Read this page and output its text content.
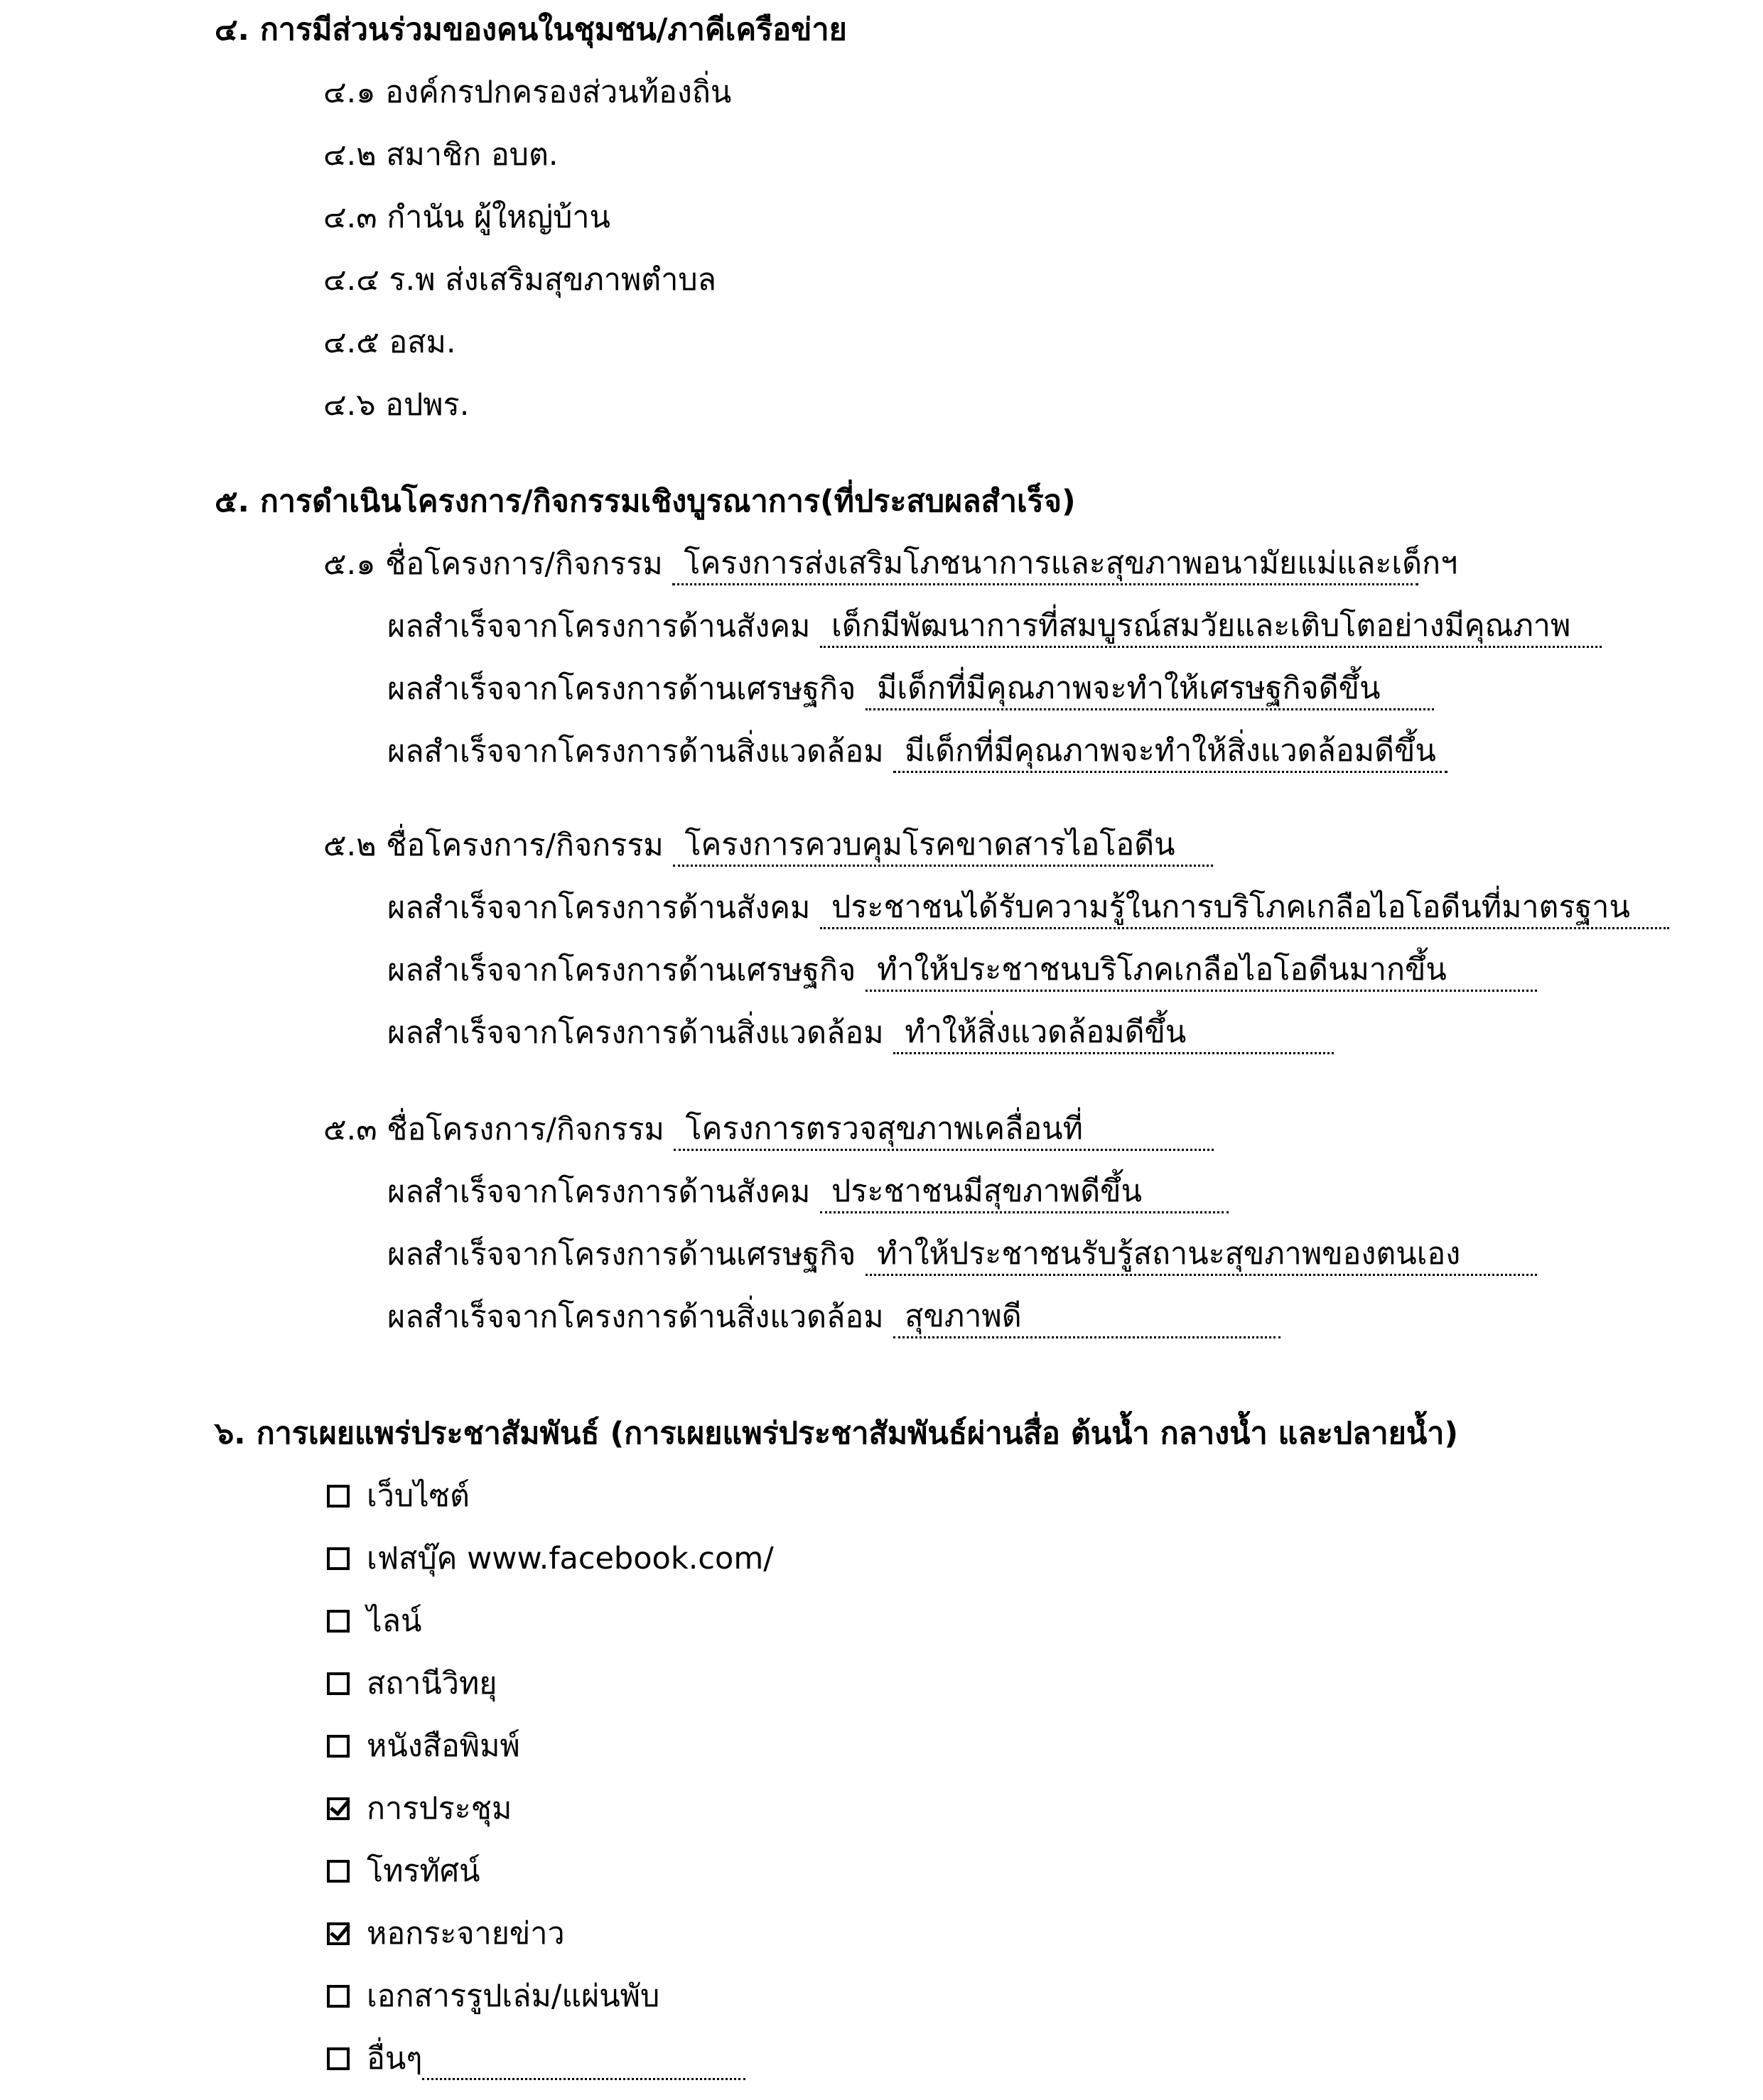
๔. การมีส่วนร่วมของคนในชุมชน/ภาคีเครือข่าย
๔.๑ องค์กรปกครองส่วนท้องถิ่น
๔.๒ สมาชิก อบต.
๔.๓ กำนัน ผู้ใหญ่บ้าน
๔.๔ ร.พ ส่งเสริมสุขภาพตำบล
๔.๕ อสม.
๔.๖ อปพร.
๕. การดำเนินโครงการ/กิจกรรมเชิงบูรณาการ(ที่ประสบผลสำเร็จ)
๕.๑ ชื่อโครงการ/กิจกรรม โครงการส่งเสริมโภชนาการและสุขภาพอนามัยแม่และเด็กฯ
ผลสำเร็จจากโครงการด้านสังคม เด็กมีพัฒนาการที่สมบูรณ์สมวัยและเติบโตอย่างมีคุณภาพ
ผลสำเร็จจากโครงการด้านเศรษฐกิจ มีเด็กที่มีคุณภาพจะทำให้เศรษฐกิจดีขึ้น
ผลสำเร็จจากโครงการด้านสิ่งแวดล้อม มีเด็กที่มีคุณภาพจะทำให้สิ่งแวดล้อมดีขึ้น
๕.๒ ชื่อโครงการ/กิจกรรม โครงการควบคุมโรคขาดสารไอโอดีน
ผลสำเร็จจากโครงการด้านสังคม ประชาชนได้รับความรู้ในการบริโภคเกลือไอโอดีนที่มาตรฐาน
ผลสำเร็จจากโครงการด้านเศรษฐกิจ ทำให้ประชาชนบริโภคเกลือไอโอดีนมากขึ้น
ผลสำเร็จจากโครงการด้านสิ่งแวดล้อม ทำให้สิ่งแวดล้อมดีขึ้น
๕.๓ ชื่อโครงการ/กิจกรรม โครงการตรวจสุขภาพเคลื่อนที่
ผลสำเร็จจากโครงการด้านสังคม ประชาชนมีสุขภาพดีขึ้น
ผลสำเร็จจากโครงการด้านเศรษฐกิจ ทำให้ประชาชนรับรู้สถานะสุขภาพของตนเอง
ผลสำเร็จจากโครงการด้านสิ่งแวดล้อม สุขภาพดี
๖. การเผยแพร่ประชาสัมพันธ์ (การเผยแพร่ประชาสัมพันธ์ผ่านสื่อ ต้นน้ำ กลางน้ำ และปลายน้ำ)
เว็บไซต์
เฟสบุ๊ค www.facebook.com/
ไลน์
สถานีวิทยุ
หนังสือพิมพ์
การประชุม
โทรทัศน์
หอกระจายข่าว
เอกสารรูปเล่ม/แผ่นพับ
อื่นๆ
